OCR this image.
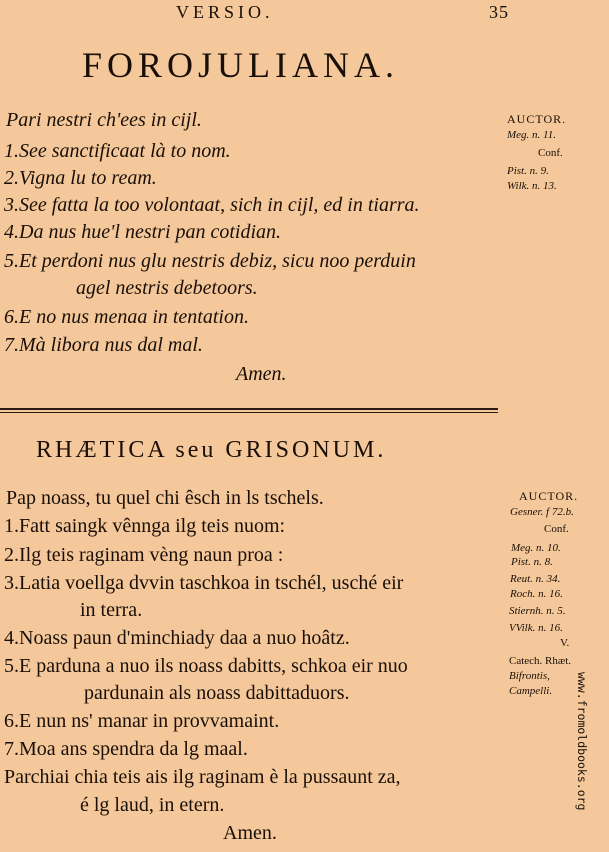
VERSIO.	35
FOROJULIANA.
Pari nestri ch'ees in cijl.
1.See sanctificaat là to nom.
2.Vigna lu to ream.
3.See fatta la too volontaat, sich in cijl, ed in tiarra.
4.Da nus hue'l nestri pan cotidian.
5.Et perdoni nus glu nestris debiz, sicu noo perduin
agel nestris debetoors.
6.E no nus menaa in tentation.
7.Mà libora nus dal mal.
Amen.
AUCTOR.
Meg. n. 11.
Conf.
Pist. n. 9.
Wilk. n. 13.
RHÆTICA seu GRISONUM.
Pap noass, tu quel chi êsch in ls tschels.
1.Fatt saingk vênnga ilg teis nuom:
2.Ilg teis raginam vèng naun proa :
3.Latia voellga dvvin taschkoa in tschél, usché eir
in terra.
4.Noass paun d'minchiady daa a nuo hoâtz.
5.E parduna a nuo ils noass dabitts, schkoa eir nuo
pardunain als noass dabittaduors.
6.E nun ns' manar in provvamaint.
7.Moa ans spendra da lg maal.
Parchiai chia teis ais ilg raginam è la pussaunt za,
é lg laud, in etern.
Amen.
AUCTOR.
Gesner. f 72.b.
Conf.
Meg. n. 10.
Pist. n. 8.
Reut. n. 34.
Roch. n. 16.
Stiernh. n. 5.
VVilk. n. 16.
V.
Catech. Rhæt.
Bifrontis,
Campelli. www.fromoldbooks.org
